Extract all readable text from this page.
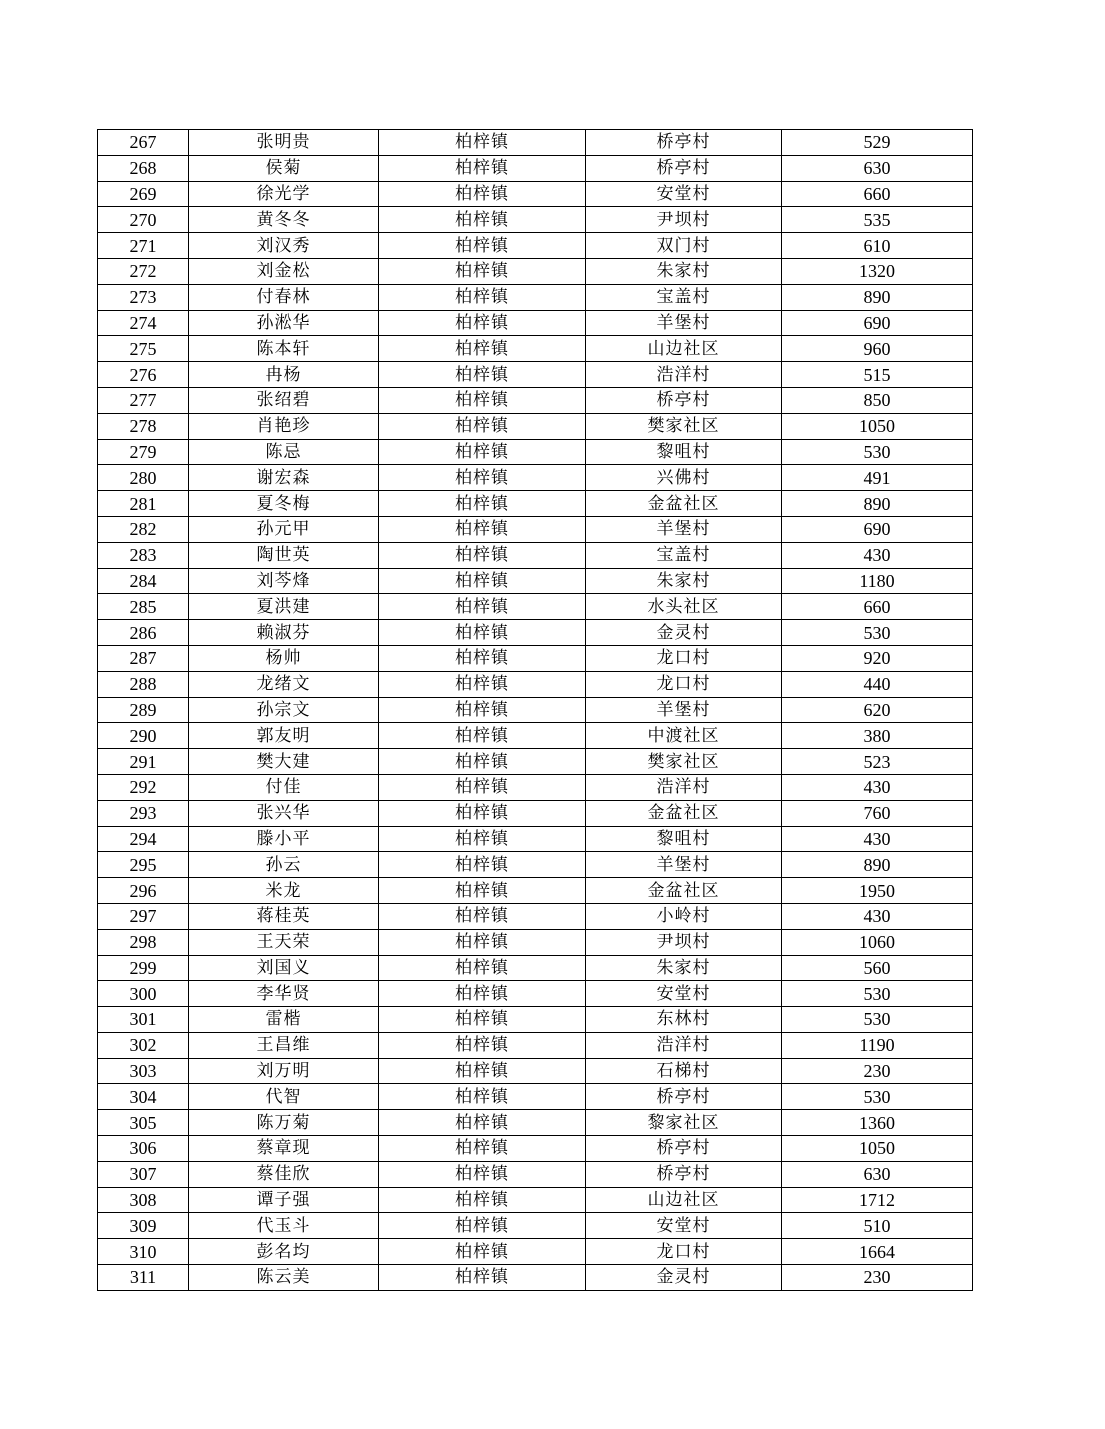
267	张明贵	柏梓镇	桥亭村	529
268	侯菊	柏梓镇	桥亭村	630
269	徐光学	柏梓镇	安堂村	660
270	黄冬冬	柏梓镇	尹坝村	535
271	刘汉秀	柏梓镇	双门村	610
272	刘金松	柏梓镇	朱家村	1320
273	付春林	柏梓镇	宝盖村	890
274	孙淞华	柏梓镇	羊堡村	690
275	陈本轩	柏梓镇	山边社区	960
276	冉杨	柏梓镇	浩洋村	515
277	张绍碧	柏梓镇	桥亭村	850
278	肖艳珍	柏梓镇	樊家社区	1050
279	陈忌	柏梓镇	黎咀村	530
280	谢宏森	柏梓镇	兴佛村	491
281	夏冬梅	柏梓镇	金盆社区	890
282	孙元甲	柏梓镇	羊堡村	690
283	陶世英	柏梓镇	宝盖村	430
284	刘芩烽	柏梓镇	朱家村	1180
285	夏洪建	柏梓镇	水头社区	660
286	赖淑芬	柏梓镇	金灵村	530
287	杨帅	柏梓镇	龙口村	920
288	龙绪文	柏梓镇	龙口村	440
289	孙宗文	柏梓镇	羊堡村	620
290	郭友明	柏梓镇	中渡社区	380
291	樊大建	柏梓镇	樊家社区	523
292	付佳	柏梓镇	浩洋村	430
293	张兴华	柏梓镇	金盆社区	760
294	滕小平	柏梓镇	黎咀村	430
295	孙云	柏梓镇	羊堡村	890
296	米龙	柏梓镇	金盆社区	1950
297	蒋桂英	柏梓镇	小岭村	430
298	王天荣	柏梓镇	尹坝村	1060
299	刘国义	柏梓镇	朱家村	560
300	李华贤	柏梓镇	安堂村	530
301	雷楷	柏梓镇	东林村	530
302	王昌维	柏梓镇	浩洋村	1190
303	刘万明	柏梓镇	石梯村	230
304	代智	柏梓镇	桥亭村	530
305	陈万菊	柏梓镇	黎家社区	1360
306	蔡章现	柏梓镇	桥亭村	1050
307	蔡佳欣	柏梓镇	桥亭村	630
308	谭子强	柏梓镇	山边社区	1712
309	代玉斗	柏梓镇	安堂村	510
310	彭名均	柏梓镇	龙口村	1664
311	陈云美	柏梓镇	金灵村	230
